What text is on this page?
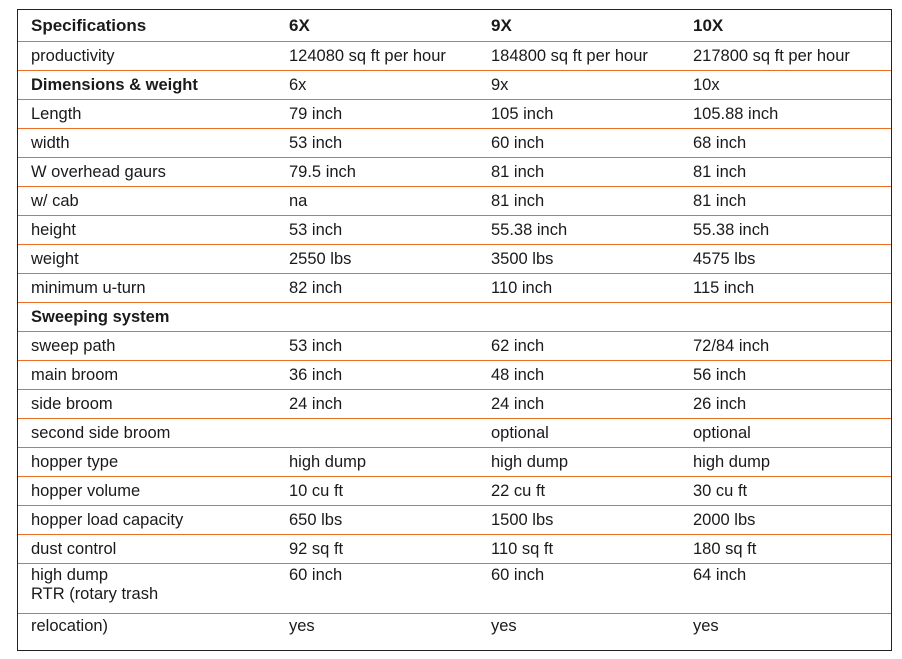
Specifications	6X	9X	10X
productivity	124080 sq ft per hour	184800 sq ft per hour	217800 sq ft per hour
Dimensions & weight	6x	9x	10x
Length	79 inch	105 inch	105.88 inch
width	53 inch	60 inch	68 inch
W overhead gaurs	79.5 inch	81 inch	81 inch
w/ cab	na	81 inch	81 inch
height	53 inch	55.38 inch	55.38 inch
weight	2550 lbs	3500 lbs	4575 lbs
minimum u-turn	82 inch	110 inch	115 inch
Sweeping system			
sweep path	53 inch	62 inch	72/84 inch
main broom	36 inch	48 inch	56 inch
side broom	24 inch	24 inch	26 inch
second side broom		optional	optional
hopper type	high dump	high dump	high dump
hopper volume	10 cu ft	22 cu ft	30 cu ft
hopper load capacity	650 lbs	1500 lbs	2000 lbs
dust control	92 sq ft	110 sq ft	180 sq ft

high dump
RTR (rotary trash	60 inch	60 inch	64 inch
relocation)	yes	yes	yes
